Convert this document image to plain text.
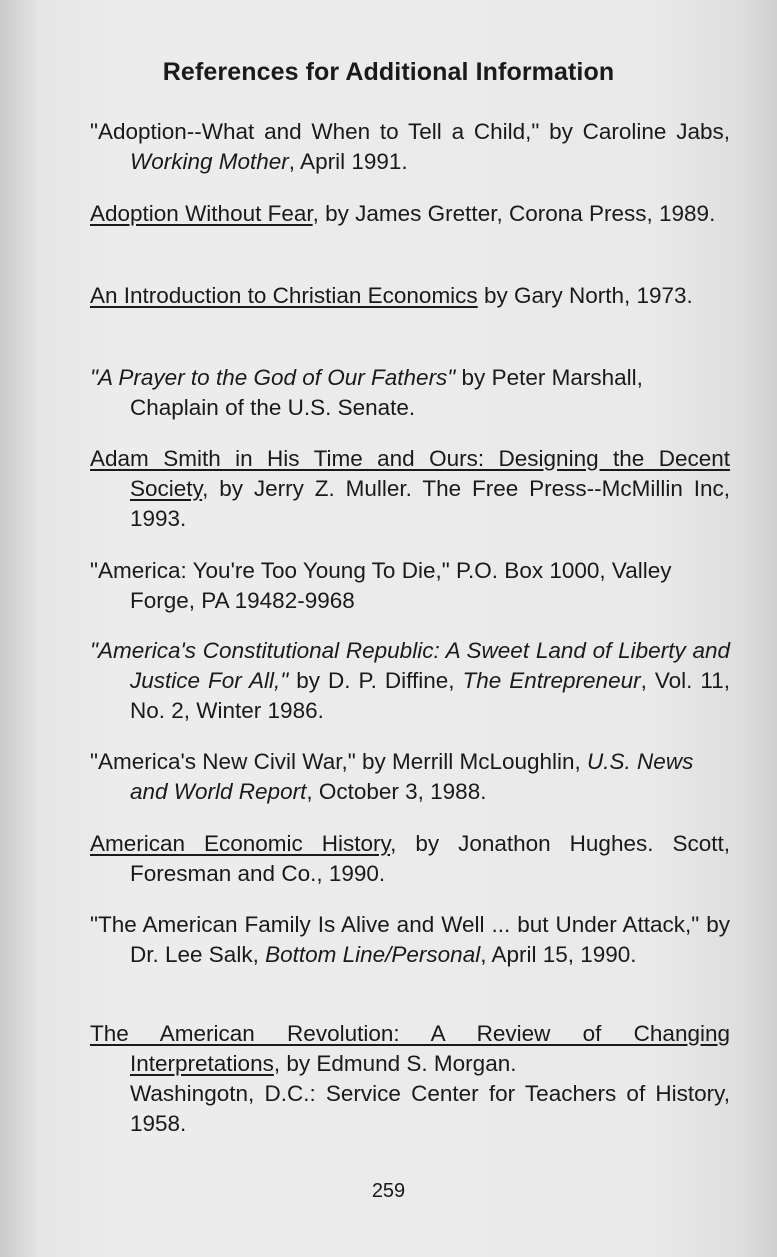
References for Additional Information
"Adoption--What and When to Tell a Child," by Caroline Jabs, Working Mother, April 1991.
Adoption Without Fear, by James Gretter, Corona Press, 1989.
An Introduction to Christian Economics by Gary North, 1973.
"A Prayer to the God of Our Fathers" by Peter Marshall, Chaplain of the U.S. Senate.
Adam Smith in His Time and Ours: Designing the Decent Society, by Jerry Z. Muller. The Free Press--McMillin Inc, 1993.
"America: You're Too Young To Die," P.O. Box 1000, Valley Forge, PA 19482-9968
"America's Constitutional Republic: A Sweet Land of Liberty and Justice For All," by D. P. Diffine, The Entrepreneur, Vol. 11, No. 2, Winter 1986.
"America's New Civil War," by Merrill McLoughlin, U.S. News and World Report, October 3, 1988.
American Economic History, by Jonathon Hughes. Scott, Foresman and Co., 1990.
"The American Family Is Alive and Well ... but Under Attack," by Dr. Lee Salk, Bottom Line/Personal, April 15, 1990.
The American Revolution: A Review of Changing Interpretations, by Edmund S. Morgan.
Washingotn, D.C.: Service Center for Teachers of History, 1958.
259
